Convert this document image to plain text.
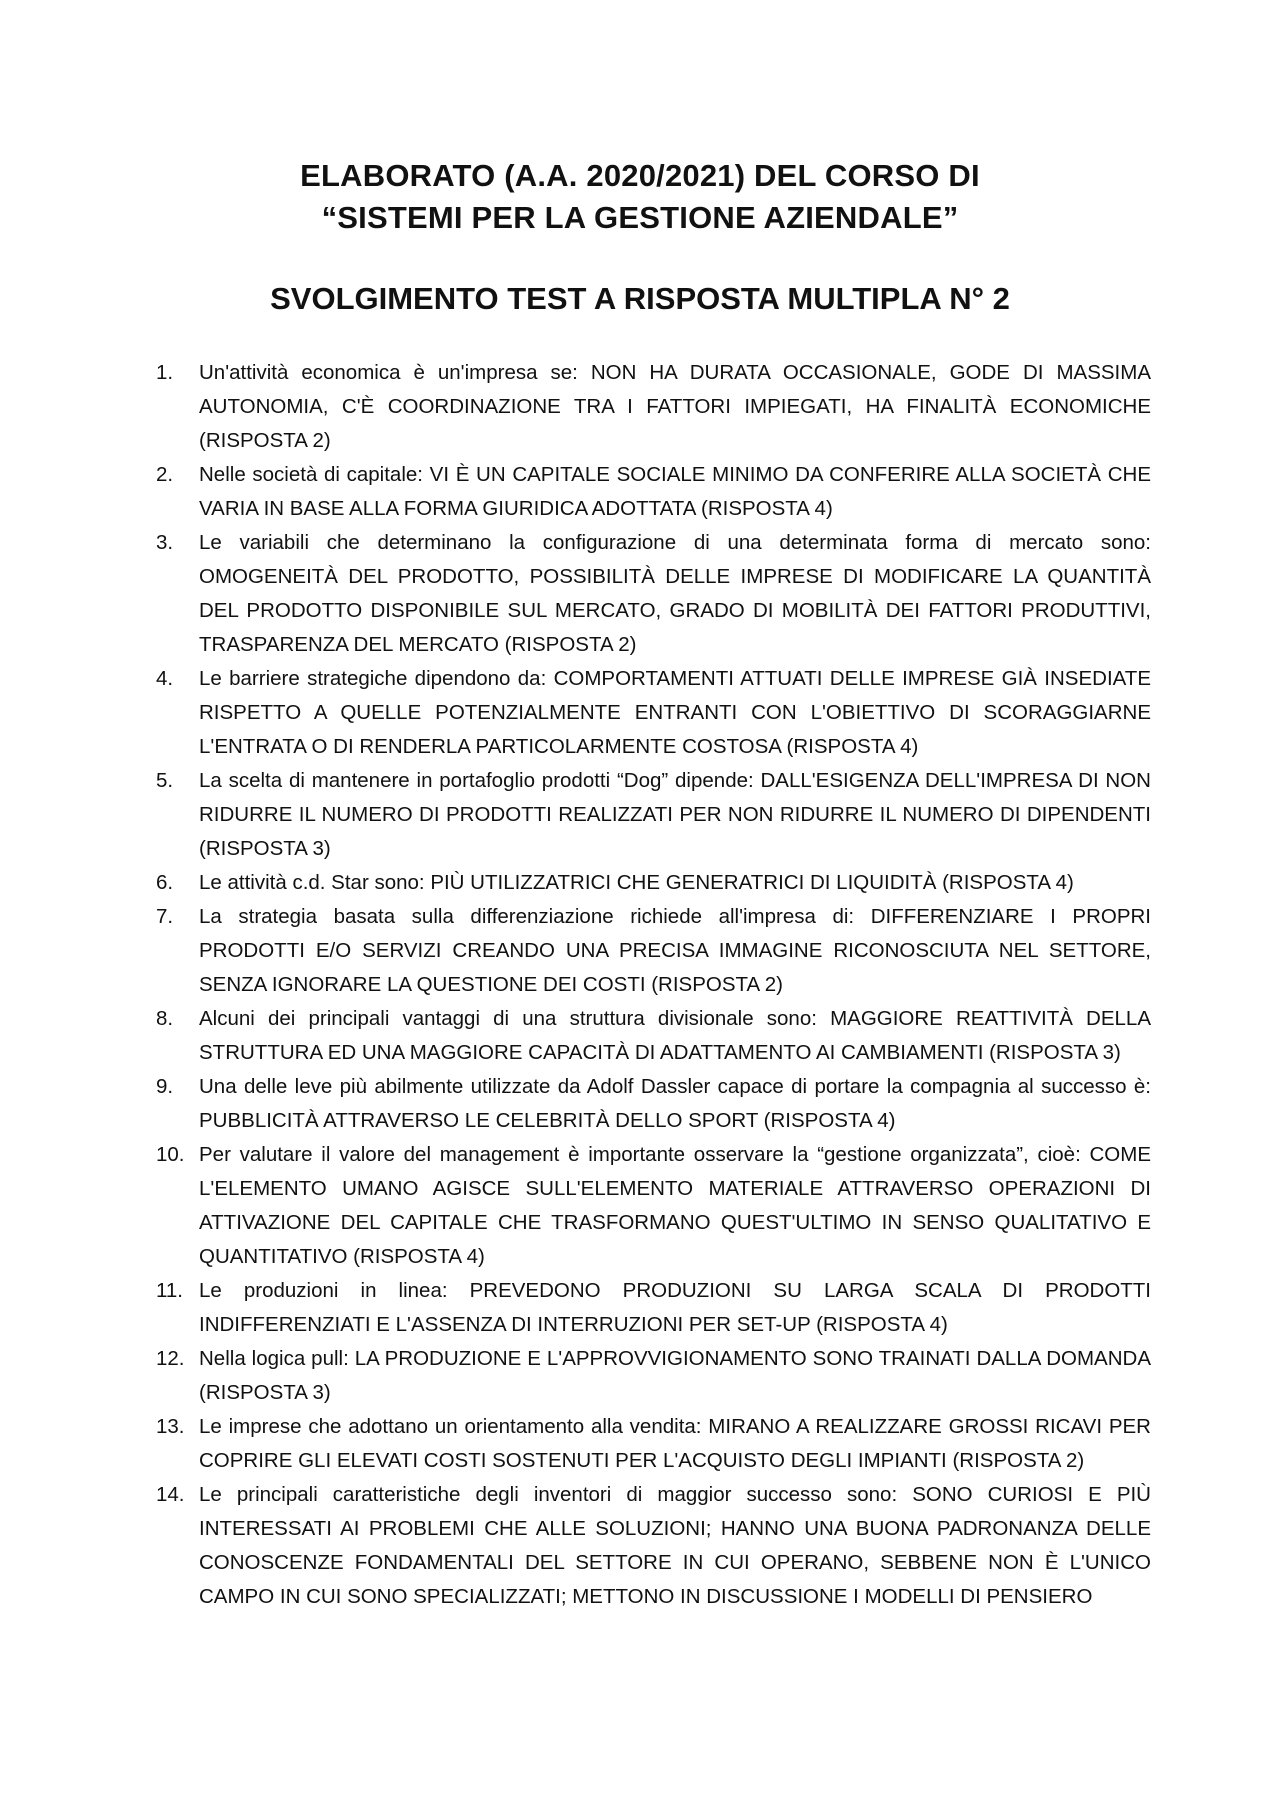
ELABORATO (A.A. 2020/2021) DEL CORSO DI

“SISTEMI PER LA GESTIONE AZIENDALE”

SVOLGIMENTO TEST A RISPOSTA MULTIPLA N° 2

1.	Un'attività economica è un'impresa se: NON HA DURATA OCCASIONALE, GODE DI MASSIMA AUTONOMIA, C'È COORDINAZIONE TRA I FATTORI IMPIEGATI, HA FINALITÀ ECONOMICHE (RISPOSTA 2)
2.	Nelle società di capitale: VI È UN CAPITALE SOCIALE MINIMO DA CONFERIRE ALLA SOCIETÀ CHE VARIA IN BASE ALLA FORMA GIURIDICA ADOTTATA (RISPOSTA 4)
3.	Le variabili che determinano la configurazione di una determinata forma di mercato sono: OMOGENEITÀ DEL PRODOTTO, POSSIBILITÀ DELLE IMPRESE DI MODIFICARE LA QUANTITÀ DEL PRODOTTO DISPONIBILE SUL MERCATO, GRADO DI MOBILITÀ DEI FATTORI PRODUTTIVI, TRASPARENZA DEL MERCATO (RISPOSTA 2)
4.	Le barriere strategiche dipendono da: COMPORTAMENTI ATTUATI DELLE IMPRESE GIÀ INSEDIATE RISPETTO A QUELLE POTENZIALMENTE ENTRANTI CON L'OBIETTIVO DI SCORAGGIARNE L'ENTRATA O DI RENDERLA PARTICOLARMENTE COSTOSA (RISPOSTA 4)
5.	La scelta di mantenere in portafoglio prodotti “Dog” dipende: DALL'ESIGENZA DELL'IMPRESA DI NON RIDURRE IL NUMERO DI PRODOTTI REALIZZATI PER NON RIDURRE IL NUMERO DI DIPENDENTI (RISPOSTA 3)
6.	Le attività c.d. Star sono: PIÙ UTILIZZATRICI CHE GENERATRICI DI LIQUIDITÀ (RISPOSTA 4)
7.	La strategia basata sulla differenziazione richiede all'impresa di: DIFFERENZIARE I PROPRI PRODOTTI E/O SERVIZI CREANDO UNA PRECISA IMMAGINE RICONOSCIUTA NEL SETTORE, SENZA IGNORARE LA QUESTIONE DEI COSTI (RISPOSTA 2)
8.	Alcuni dei principali vantaggi di una struttura divisionale sono: MAGGIORE REATTIVITÀ DELLA STRUTTURA ED UNA MAGGIORE CAPACITÀ DI ADATTAMENTO AI CAMBIAMENTI (RISPOSTA 3)
9.	Una delle leve più abilmente utilizzate da Adolf Dassler capace di portare la compagnia al successo è: PUBBLICITÀ ATTRAVERSO LE CELEBRITÀ DELLO SPORT (RISPOSTA 4)
10. Per valutare il valore del management è importante osservare la “gestione organizzata”, cioè: COME L'ELEMENTO UMANO AGISCE SULL'ELEMENTO MATERIALE ATTRAVERSO OPERAZIONI DI ATTIVAZIONE DEL CAPITALE CHE TRASFORMANO QUEST'ULTIMO IN SENSO QUALITATIVO E QUANTITATIVO (RISPOSTA 4)
11. Le produzioni in linea: PREVEDONO PRODUZIONI SU LARGA SCALA DI PRODOTTI INDIFFERENZIATI E L'ASSENZA DI INTERRUZIONI PER SET-UP (RISPOSTA 4)
12. Nella logica pull: LA PRODUZIONE E L'APPROVVIGIONAMENTO SONO TRAINATI DALLA DOMANDA (RISPOSTA 3)
13. Le imprese che adottano un orientamento alla vendita: MIRANO A REALIZZARE GROSSI RICAVI PER COPRIRE GLI ELEVATI COSTI SOSTENUTI PER L'ACQUISTO DEGLI IMPIANTI (RISPOSTA 2)
14. Le principali caratteristiche degli inventori di maggior successo sono: SONO CURIOSI E PIÙ INTERESSATI AI PROBLEMI CHE ALLE SOLUZIONI; HANNO UNA BUONA PADRONANZA DELLE CONOSCENZE FONDAMENTALI DEL SETTORE IN CUI OPERANO, SEBBENE NON È L'UNICO CAMPO IN CUI SONO SPECIALIZZATI; METTONO IN DISCUSSIONE I MODELLI DI PENSIERO
